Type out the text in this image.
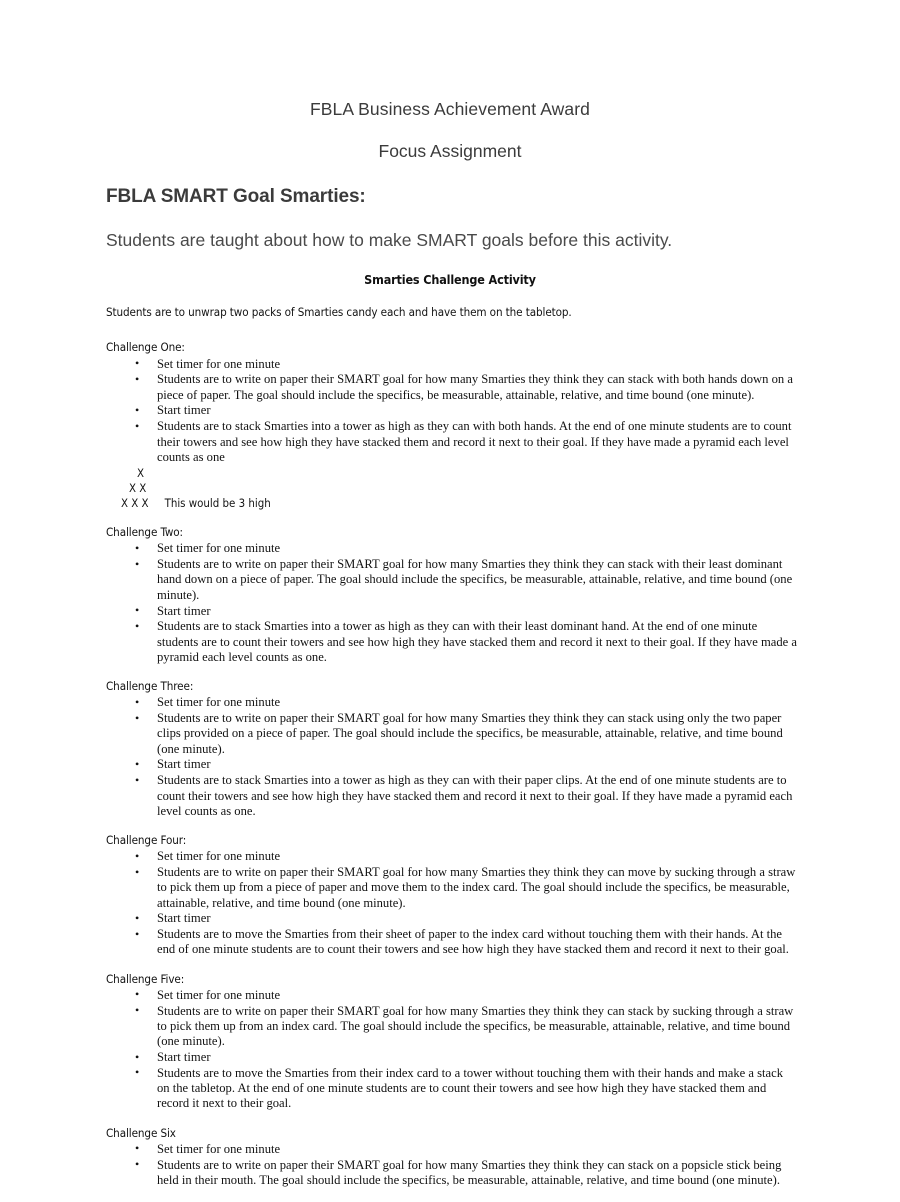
FBLA Business Achievement Award
Focus Assignment
FBLA SMART Goal Smarties:
Students are taught about how to make SMART goals before this activity.
Smarties Challenge Activity

Students are to unwrap two packs of Smarties candy each and have them on the tabletop.

Challenge One:
• Set timer for one minute
• Students are to write on paper their SMART goal for how many Smarties they think they can stack with both hands down on a piece of paper. The goal should include the specifics, be measurable, attainable, relative, and time bound (one minute).
• Start timer
• Students are to stack Smarties into a tower as high as they can with both hands. At the end of one minute students are to count their towers and see how high they have stacked them and record it next to their goal. If they have made a pyramid each level counts as one
X
X X
X X X This would be 3 high
Challenge Two:
• Set timer for one minute
• Students are to write on paper their SMART goal for how many Smarties they think they can stack with their least dominant hand down on a piece of paper. The goal should include the specifics, be measurable, attainable, relative, and time bound (one minute).
• Start timer
• Students are to stack Smarties into a tower as high as they can with their least dominant hand. At the end of one minute students are to count their towers and see how high they have stacked them and record it next to their goal. If they have made a pyramid each level counts as one.
Challenge Three:
• Set timer for one minute
• Students are to write on paper their SMART goal for how many Smarties they think they can stack using only the two paper clips provided on a piece of paper. The goal should include the specifics, be measurable, attainable, relative, and time bound (one minute).
• Start timer
• Students are to stack Smarties into a tower as high as they can with their paper clips. At the end of one minute students are to count their towers and see how high they have stacked them and record it next to their goal. If they have made a pyramid each level counts as one.
Challenge Four:
• Set timer for one minute
• Students are to write on paper their SMART goal for how many Smarties they think they can move by sucking through a straw to pick them up from a piece of paper and move them to the index card. The goal should include the specifics, be measurable, attainable, relative, and time bound (one minute).
• Start timer
• Students are to move the Smarties from their sheet of paper to the index card without touching them with their hands. At the end of one minute students are to count their towers and see how high they have stacked them and record it next to their goal.
Challenge Five:
• Set timer for one minute
• Students are to write on paper their SMART goal for how many Smarties they think they can stack by sucking through a straw to pick them up from an index card. The goal should include the specifics, be measurable, attainable, relative, and time bound (one minute).
• Start timer
• Students are to move the Smarties from their index card to a tower without touching them with their hands and make a stack on the tabletop. At the end of one minute students are to count their towers and see how high they have stacked them and record it next to their goal.
Challenge Six
• Set timer for one minute
• Students are to write on paper their SMART goal for how many Smarties they think they can stack on a popsicle stick being held in their mouth. The goal should include the specifics, be measurable, attainable, relative, and time bound (one minute).
